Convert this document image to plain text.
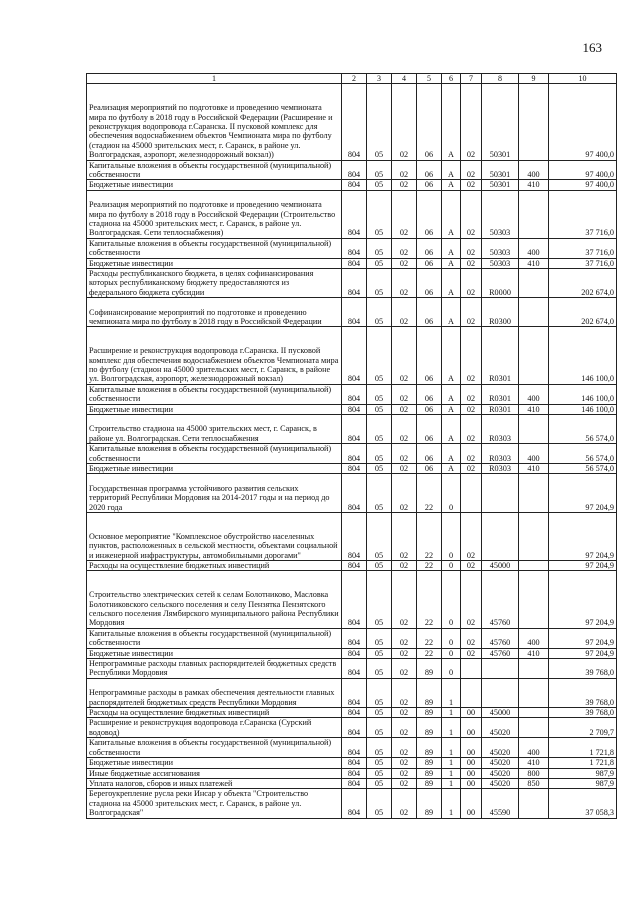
163
1	2	3	4	5	6	7	8	9	10
Реализация мероприятий по подготовке и проведению чемпионата мира по футболу в 2018 году в Российской Федерации (Расширение и реконструкция водопровода г.Саранска. II пусковой комплекс для обеспечения водоснабжением объектов Чемпионата мира по футболу (стадион на 45000 зрительских мест, г. Саранск, в районе ул. Волгоградская, аэропорт, железнодорожный вокзал))	804	05	02	06	А	02	50301		97 400,0
Капитальные вложения в объекты государственной (муниципальной) собственности	804	05	02	06	А	02	50301	400	97 400,0
Бюджетные инвестиции	804	05	02	06	А	02	50301	410	97 400,0
Реализация мероприятий по подготовке и проведению чемпионата мира по футболу в 2018 году в Российской Федерации (Строительство стадиона на 45000 зрительских мест, г. Саранск, в районе ул. Волгоградская. Сети теплоснабжения)	804	05	02	06	А	02	50303		37 716,0
Капитальные вложения в объекты государственной (муниципальной) собственности	804	05	02	06	А	02	50303	400	37 716,0
Бюджетные инвестиции	804	05	02	06	А	02	50303	410	37 716,0
Расходы республиканского бюджета, в целях софинансирования которых республиканскому бюджету предоставляются из федерального бюджета субсидии	804	05	02	06	А	02	R0000		202 674,0
Софинансирование мероприятий по подготовке и проведению чемпионата мира по футболу в 2018 году в Российской Федерации	804	05	02	06	А	02	R0300		202 674,0
Расширение и реконструкция водопровода г.Саранска. II пусковой комплекс для обеспечения водоснабжением объектов Чемпионата мира по футболу (стадион на 45000 зрительских мест, г. Саранск, в районе ул. Волгоградская, аэропорт, железнодорожный вокзал)	804	05	02	06	А	02	R0301		146 100,0
Капитальные вложения в объекты государственной (муниципальной) собственности	804	05	02	06	А	02	R0301	400	146 100,0
Бюджетные инвестиции	804	05	02	06	А	02	R0301	410	146 100,0
Строительство стадиона на 45000 зрительских мест, г. Саранск, в районе ул. Волгоградская. Сети теплоснабжения	804	05	02	06	А	02	R0303		56 574,0
Капитальные вложения в объекты государственной (муниципальной) собственности	804	05	02	06	А	02	R0303	400	56 574,0
Бюджетные инвестиции	804	05	02	06	А	02	R0303	410	56 574,0
Государственная программа устойчивого развития сельских территорий Республики Мордовия на 2014-2017 годы и на период до 2020 года	804	05	02	22	0				97 204,9
Основное мероприятие "Комплексное обустройство населенных пунктов, расположенных в сельской местности, объектами социальной и инженерной инфраструктуры, автомобильными дорогами"	804	05	02	22	0	02			97 204,9
Расходы на осуществление бюджетных инвестиций	804	05	02	22	0	02	45000		97 204,9
Строительство электрических сетей к селам Болотниково, Масловка Болотниковского сельского поселения и селу Пензятка Пензятского сельского поселения Лямбирского муниципального района Республики Мордовия	804	05	02	22	0	02	45760		97 204,9
Капитальные вложения в объекты государственной (муниципальной) собственности	804	05	02	22	0	02	45760	400	97 204,9
Бюджетные инвестиции	804	05	02	22	0	02	45760	410	97 204,9
Непрограммные расходы главных распорядителей бюджетных средств Республики Мордовия	804	05	02	89	0				39 768,0
Непрограммные расходы в рамках обеспечения деятельности главных распорядителей бюджетных средств Республики Мордовия	804	05	02	89	1				39 768,0
Расходы на осуществление бюджетных инвестиций	804	05	02	89	1	00	45000		39 768,0
Расширение и реконструкция водопровода г.Саранска (Сурский водовод)	804	05	02	89	1	00	45020		2 709,7
Капитальные вложения в объекты государственной (муниципальной) собственности	804	05	02	89	1	00	45020	400	1 721,8
Бюджетные инвестиции	804	05	02	89	1	00	45020	410	1 721,8
Иные бюджетные ассигнования	804	05	02	89	1	00	45020	800	987,9
Уплата налогов, сборов и иных платежей	804	05	02	89	1	00	45020	850	987,9
Берегоукрепление русла реки Инсар у объекта "Строительство стадиона на 45000 зрительских мест, г. Саранск, в районе ул. Волгоградская"	804	05	02	89	1	00	45590		37 058,3
